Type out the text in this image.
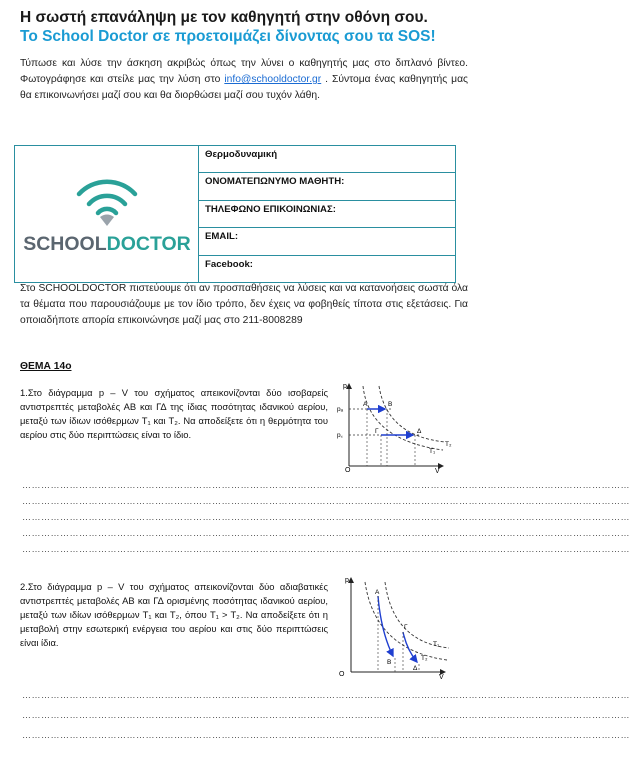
Η σωστή επανάληψη με τον καθηγητή στην οθόνη σου.
Το School Doctor σε προετοιμάζει δίνοντας σου τα SOS!
Τύπωσε και λύσε την άσκηση ακριβώς όπως την λύνει ο καθηγητής μας στο διπλανό βίντεο. Φωτογράφησε και στείλε μας την λύση στο info@schooldoctor.gr . Σύντομα ένας καθηγητής μας θα επικοινωνήσει μαζί σου και θα διορθώσει μαζί σου τυχόν λάθη.
SCHOOLDOCTOR
	Θερμοδυναμική
ΟΝΟΜΑΤΕΠΩΝΥΜΟ ΜΑΘΗΤΗ:
ΤΗΛΕΦΩΝΟ ΕΠΙΚΟΙΝΩΝΙΑΣ:
EMAIL:
Facebook:
Στο SCHOOLDOCTOR πιστεύουμε ότι αν προσπαθήσεις να λύσεις και να κατανοήσεις σωστά όλα τα θέματα που παρουσιάζουμε με τον ίδιο τρόπο, δεν έχεις να φοβηθείς τίποτα στις εξετάσεις. Για οποιαδήποτε απορία επικοινώνησε μαζί μας στο 211-8008289
ΘΕΜΑ 14ο
1.Στο διάγραμμα p – V του σχήματος απεικονίζονται δύο ισοβαρείς αντιστρεπτές μεταβολές ΑΒ και ΓΔ της ίδιας ποσότητας ιδανικού αερίου, μεταξύ των ίδιων ισόθερμων T₁ και T₂. Να αποδείξετε ότι η θερμότητα του αερίου στις δύο περιπτώσεις είναι το ίδιο.
p
V
O
pₐ
p꜀
A	B
Γ	Δ
T₁
T₂
…………………………………………………………………………………………………………………………………………………………………………
…………………………………………………………………………………………………………………………………………………………………………
…………………………………………………………………………………………………………………………………………………………………………
…………………………………………………………………………………………………………………………………………………………………………
…………………………………………………………………………………………………………………………………………………………………………
2.Στο διάγραμμα p – V του σχήματος απεικονίζονται δύο αδιαβατικές αντιστρεπτές μεταβολές ΑΒ και ΓΔ ορισμένης ποσότητας ιδανικού αερίου, μεταξύ των ιδίων ισόθερμων T₁ και T₂, όπου T₁ > T₂. Να αποδείξετε ότι η μεταβολή στην εσωτερική ενέργεια του αερίου και στις δύο περιπτώσεις είναι ίδια.
p
V
O
A
B
Γ
Δ
T₁
T₂
…………………………………………………………………………………………………………………………………………………………………………
…………………………………………………………………………………………………………………………………………………………………………
…………………………………………………………………………………………………………………………………………………………………………
